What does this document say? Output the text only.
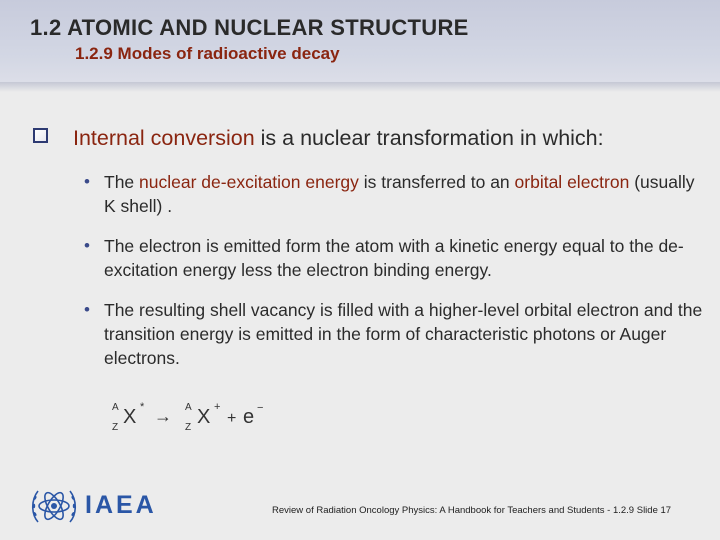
1.2 ATOMIC AND NUCLEAR STRUCTURE
1.2.9 Modes of radioactive decay
Internal conversion is a nuclear transformation in which:
• The nuclear de-excitation energy is transferred to an orbital electron (usually K shell) .
• The electron is emitted form the atom with a kinetic energy equal to the de-excitation energy less the electron binding energy.
• The resulting shell vacancy is filled with a higher-level orbital electron and the transition energy is emitted in the form of characteristic photons or Auger electrons.
A
Z X * → A
Z X +
+ e −
IAEA	Review of Radiation Oncology Physics: A Handbook for Teachers and Students - 1.2.9 Slide 17
